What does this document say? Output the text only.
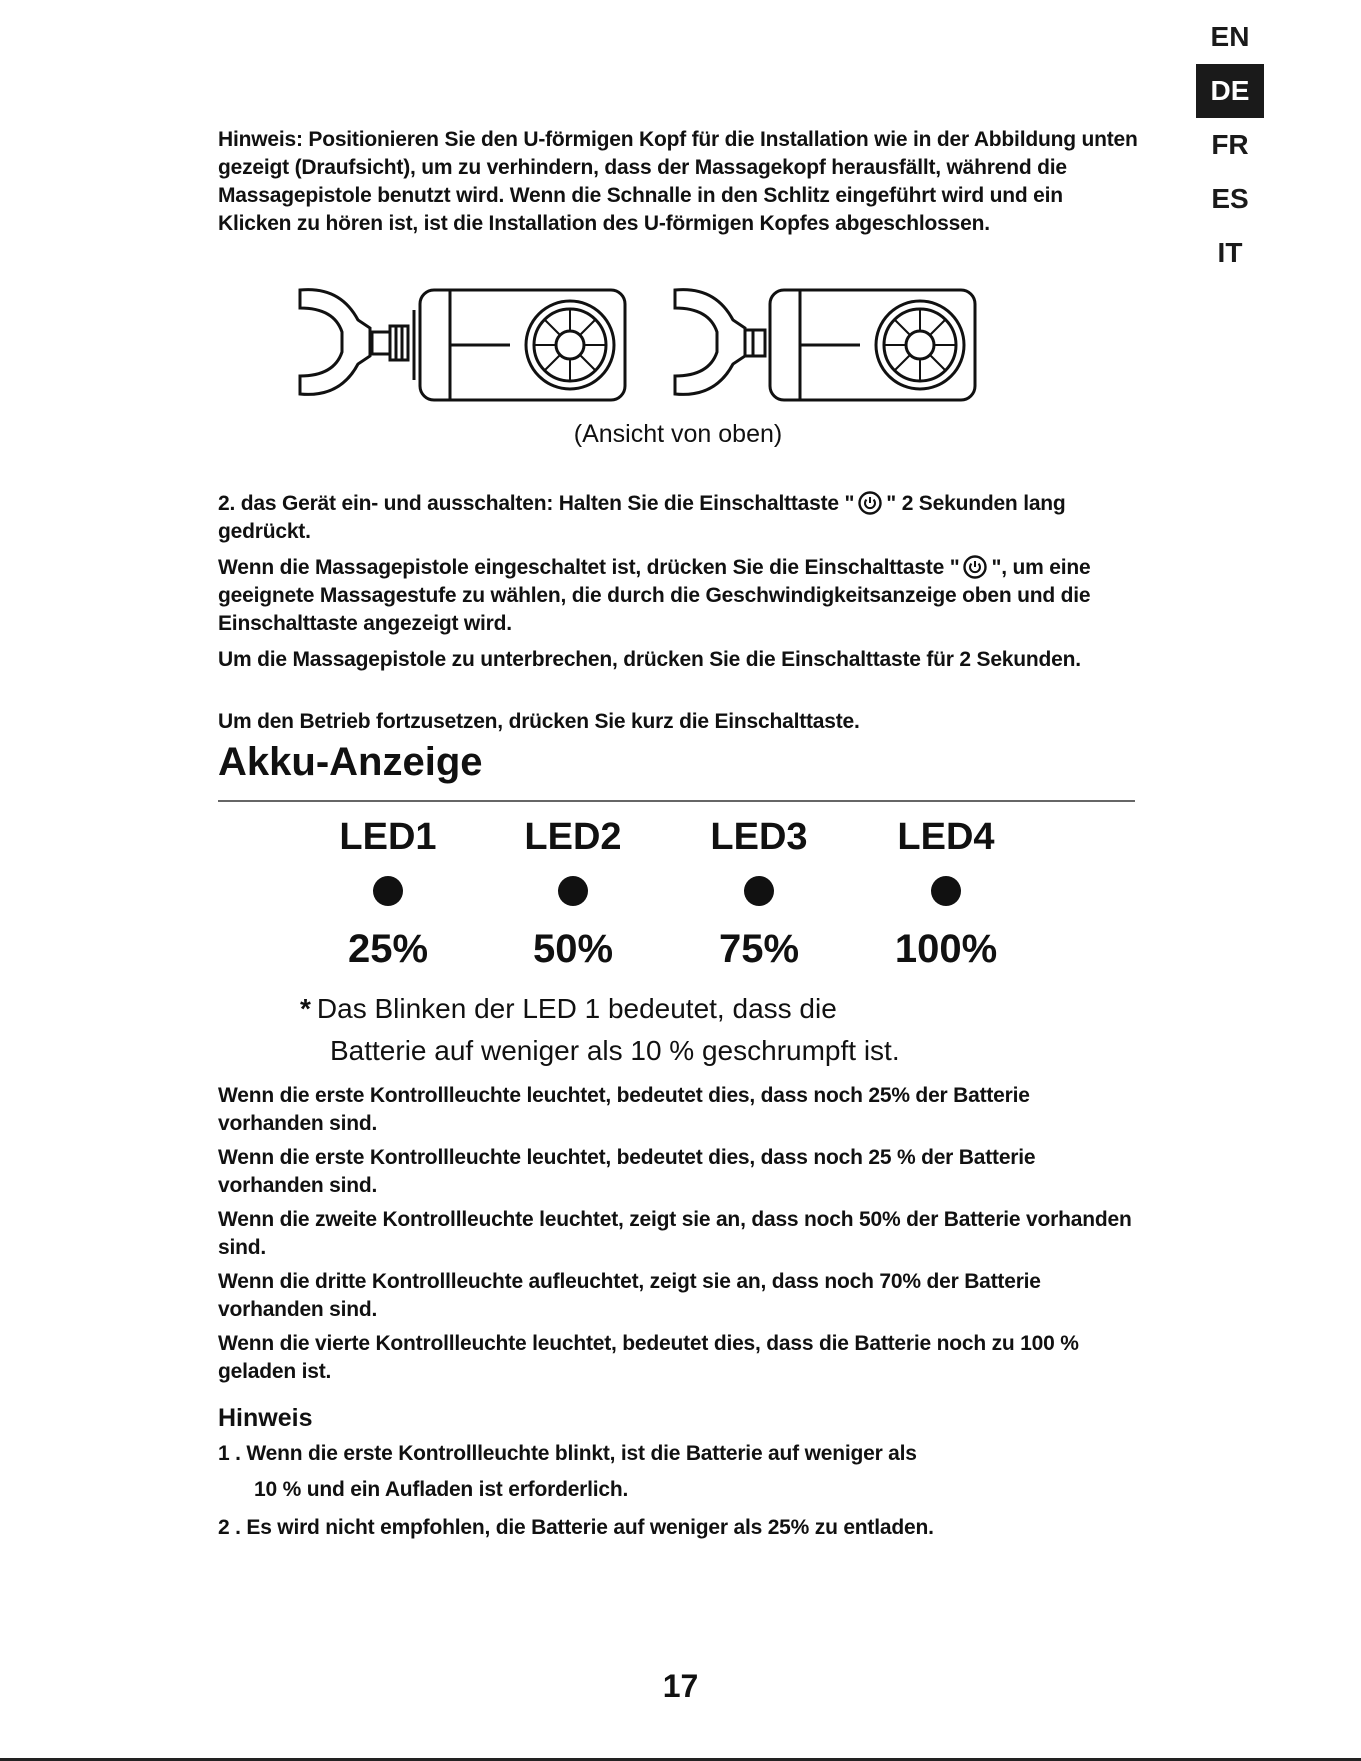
EN
DE
FR
ES
IT

Hinweis: Positionieren Sie den U-förmigen Kopf für die Installation wie in der Abbildung unten gezeigt (Draufsicht), um zu verhindern, dass der Massagekopf herausfällt, während die Massagepistole benutzt wird. Wenn die Schnalle in den Schlitz eingeführt wird und ein Klicken zu hören ist, ist die Installation des U-förmigen Kopfes abgeschlossen.

(Ansicht von oben)

2. das Gerät ein- und ausschalten: Halten Sie die Einschalttaste " " 2 Sekunden lang gedrückt.

Wenn die Massagepistole eingeschaltet ist, drücken Sie die Einschalttaste " ", um eine geeignete Massagestufe zu wählen, die durch die Geschwindigkeitsanzeige oben und die Einschalttaste angezeigt wird.

Um die Massagepistole zu unterbrechen, drücken Sie die Einschalttaste für 2 Sekunden.

Um den Betrieb fortzusetzen, drücken Sie kurz die Einschalttaste.

Akku-Anzeige
LED1
25%
LED2
50%
LED3
75%
LED4
100%
* Das Blinken der LED 1 bedeutet, dass die
Batterie auf weniger als 10 % geschrumpft ist.

Wenn die erste Kontrollleuchte leuchtet, bedeutet dies, dass noch 25% der Batterie vorhanden sind.

Wenn die erste Kontrollleuchte leuchtet, bedeutet dies, dass noch 25 % der Batterie vorhanden sind.

Wenn die zweite Kontrollleuchte leuchtet, zeigt sie an, dass noch 50% der Batterie vorhanden sind.

Wenn die dritte Kontrollleuchte aufleuchtet, zeigt sie an, dass noch 70% der Batterie vorhanden sind.

Wenn die vierte Kontrollleuchte leuchtet, bedeutet dies, dass die Batterie noch zu 100 % geladen ist.

Hinweis

1 . Wenn die erste Kontrollleuchte blinkt, ist die Batterie auf weniger als

10 % und ein Aufladen ist erforderlich.

2 . Es wird nicht empfohlen, die Batterie auf weniger als 25% zu entladen.

17
